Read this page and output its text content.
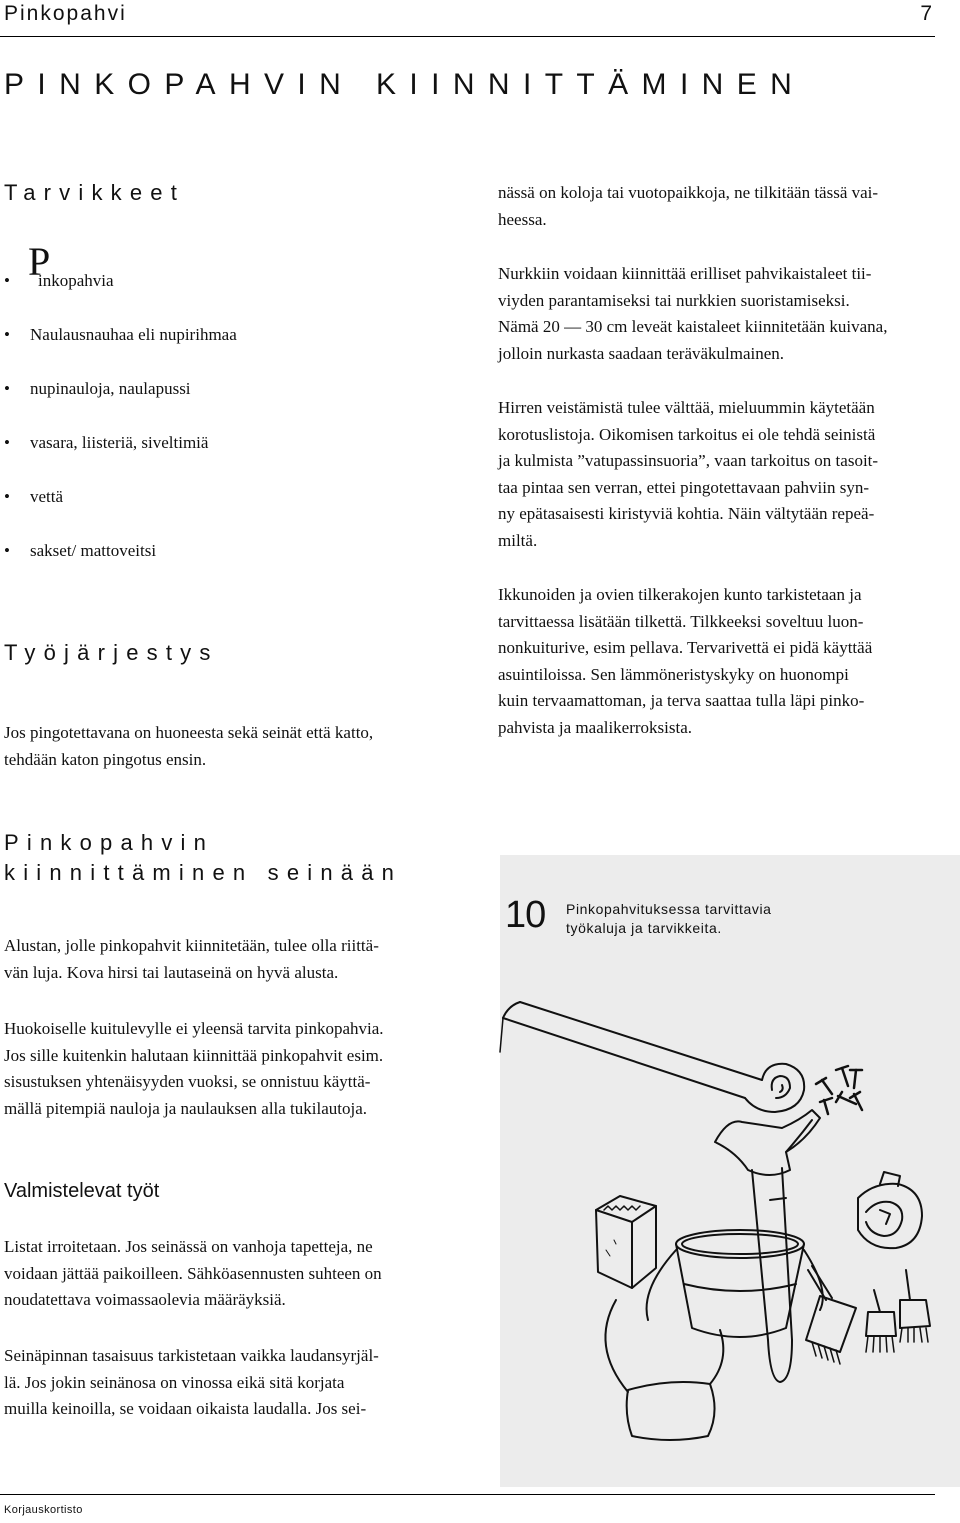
Pinkopahvi	7
PINKOPAHVIN KIINNITTÄMINEN
Tarvikkeet
• P
inkopahvia
• Naulausnauhaa eli nupirihmaa
• nupinauloja, naulapussi
• vasara, liisteriä, siveltimiä
• vettä
• sakset/ mattoveitsi
Työjärjestys
Jos pingotettavana on huoneesta sekä seinät että katto,
tehdään katon pingotus ensin.
nässä on koloja tai vuotopaikkoja, ne tilkitään tässä vai-
heessa.
Nurkkiin voidaan kiinnittää erilliset pahvikaistaleet tii-
viyden parantamiseksi tai nurkkien suoristamiseksi.
Nämä 20 — 30 cm leveät kaistaleet kiinnitetään kuivana,
jolloin nurkasta saadaan teräväkulmainen.
Hirren veistämistä tulee välttää, mieluummin käytetään
korotuslistoja. Oikomisen tarkoitus ei ole tehdä seinistä
ja kulmista ”vatupassinsuoria”, vaan tarkoitus on tasoit-
taa pintaa sen verran, ettei pingotettavaan pahviin syn-
ny epätasaisesti kiristyviä kohtia. Näin vältytään repeä-
miltä.
Ikkunoiden ja ovien tilkerakojen kunto tarkistetaan ja
tarvittaessa lisätään tilkettä. Tilkkeeksi soveltuu luon-
nonkuiturive, esim pellava. Tervarivettä ei pidä käyttää
asuintiloissa. Sen lämmöneristyskyky on huonompi
kuin tervaamattoman, ja terva saattaa tulla läpi pinko-
pahvista ja maalikerroksista.
Pinkopahvin
kiinnittäminen seinään
Alustan, jolle pinkopahvit kiinnitetään, tulee olla riittä-
vän luja. Kova hirsi tai lautaseinä on hyvä alusta.
Huokoiselle kuitulevylle ei yleensä tarvita pinkopahvia.
Jos sille kuitenkin halutaan kiinnittää pinkopahvit esim.
sisustuksen yhtenäisyyden vuoksi, se onnistuu käyttä-
mällä pitempiä nauloja ja naulauksen alla tukilautoja.
Valmistelevat työt
Listat irroitetaan. Jos seinässä on vanhoja tapetteja, ne
voidaan jättää paikoilleen. Sähköasennusten suhteen on
noudatettava voimassaolevia määräyksiä.
Seinäpinnan tasaisuus tarkistetaan vaikka laudansyrjäl-
lä. Jos jokin seinänosa on vinossa eikä sitä korjata
muilla keinoilla, se voidaan oikaista laudalla. Jos sei-
10 Pinkopahvituksessa tarvittavia
työkaluja ja tarvikkeita.
Korjauskortisto
